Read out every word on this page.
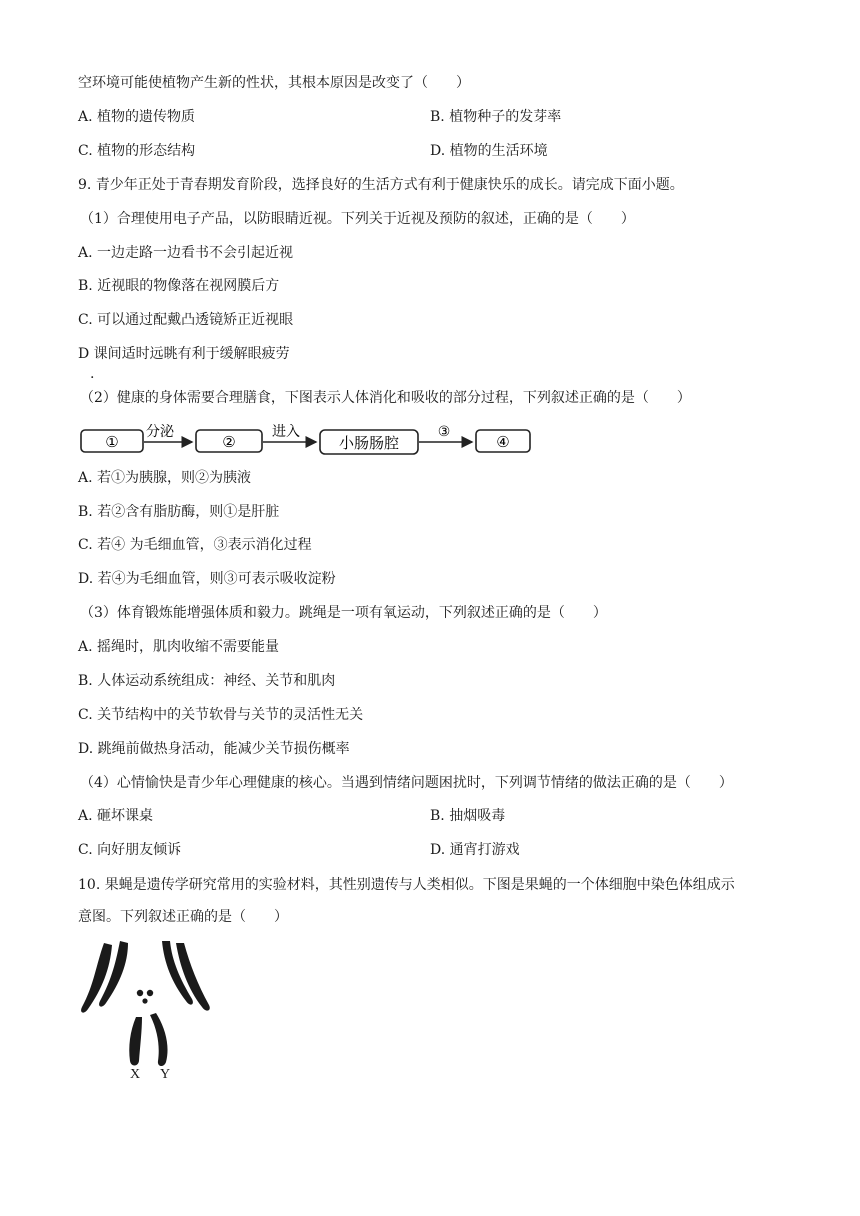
空环境可能使植物产生新的性状，其根本原因是改变了（　　）
A. 植物的遗传物质	B. 植物种子的发芽率
C. 植物的形态结构	D. 植物的生活环境
9. 青少年正处于青春期发育阶段，选择良好的生活方式有利于健康快乐的成长。请完成下面小题。
（1）合理使用电子产品，以防眼睛近视。下列关于近视及预防的叙述，正确的是（　　）
A. 一边走路一边看书不会引起近视
B. 近视眼的物像落在视网膜后方
C. 可以通过配戴凸透镜矫正近视眼
D 课间适时远眺有利于缓解眼疲劳
.
（2）健康的身体需要合理膳食，下图表示人体消化和吸收的部分过程，下列叙述正确的是（　　）
①
分泌
②
进入
小肠肠腔
③
④
A. 若①为胰腺，则②为胰液
B. 若②含有脂肪酶，则①是肝脏
C. 若④ 为毛细血管，③表示消化过程
D. 若④为毛细血管，则③可表示吸收淀粉
（3）体育锻炼能增强体质和毅力。跳绳是一项有氧运动，下列叙述正确的是（　　）
A. 摇绳时，肌肉收缩不需要能量
B. 人体运动系统组成：神经、关节和肌肉
C. 关节结构中的关节软骨与关节的灵活性无关
D. 跳绳前做热身活动，能减少关节损伤概率
（4）心情愉快是青少年心理健康的核心。当遇到情绪问题困扰时，下列调节情绪的做法正确的是（　　）
A. 砸坏课桌	B. 抽烟吸毒
C. 向好朋友倾诉	D. 通宵打游戏
10. 果蝇是遗传学研究常用的实验材料，其性别遗传与人类相似。下图是果蝇的一个体细胞中染色体组成示
意图。下列叙述正确的是（　　）
X Y
